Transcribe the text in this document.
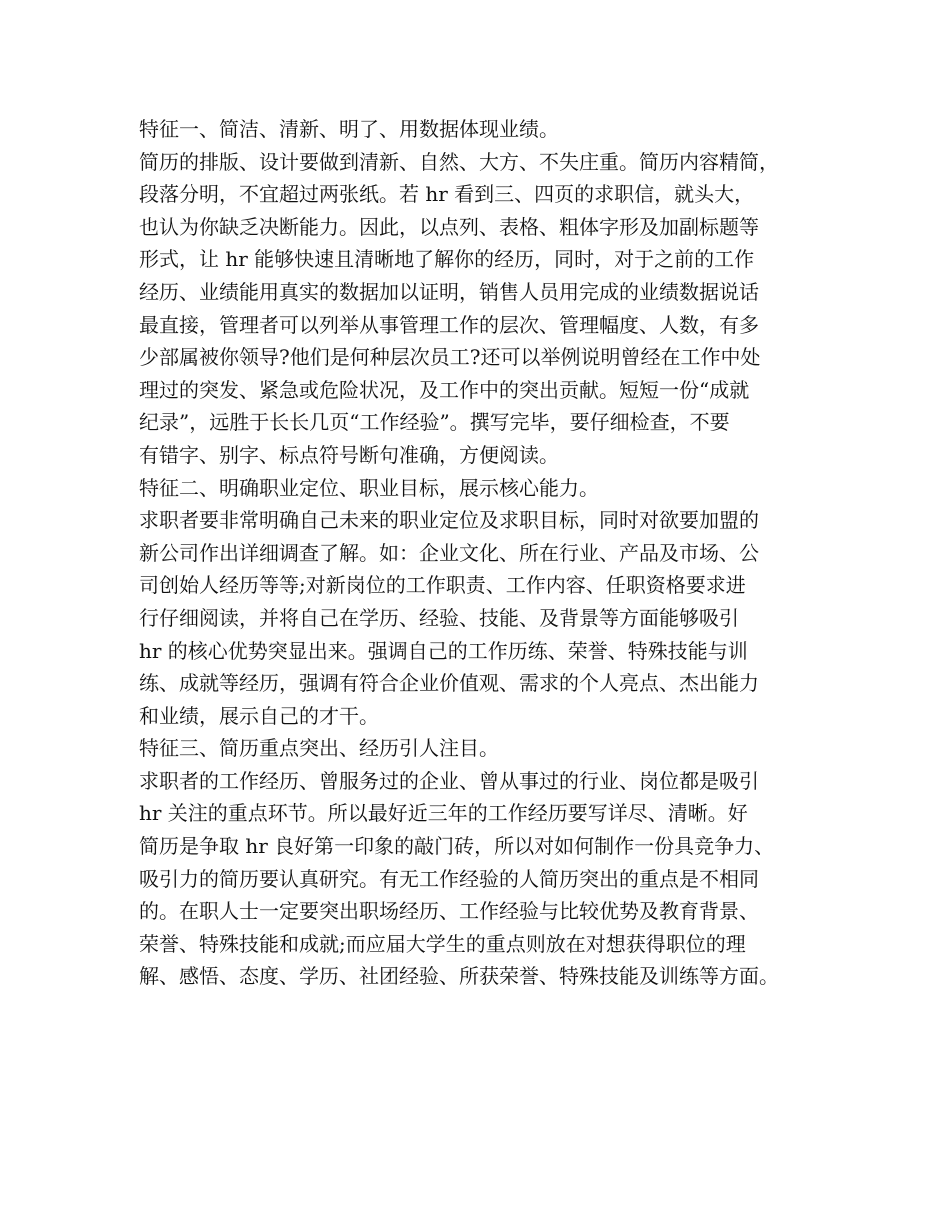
特征一、简洁、清新、明了、用数据体现业绩。
简历的排版、设计要做到清新、自然、大方、不失庄重。简历内容精简，
段落分明，不宜超过两张纸。若 hr 看到三、四页的求职信，就头大，
也认为你缺乏决断能力。因此，以点列、表格、粗体字形及加副标题等
形式，让 hr 能够快速且清晰地了解你的经历，同时，对于之前的工作
经历、业绩能用真实的数据加以证明，销售人员用完成的业绩数据说话
最直接，管理者可以列举从事管理工作的层次、管理幅度、人数，有多
少部属被你领导?他们是何种层次员工?还可以举例说明曾经在工作中处
理过的突发、紧急或危险状况，及工作中的突出贡献。短短一份“成就
纪录”，远胜于长长几页“工作经验”。撰写完毕，要仔细检查，不要
有错字、别字、标点符号断句准确，方便阅读。
特征二、明确职业定位、职业目标，展示核心能力。
求职者要非常明确自己未来的职业定位及求职目标，同时对欲要加盟的
新公司作出详细调查了解。如：企业文化、所在行业、产品及市场、公
司创始人经历等等;对新岗位的工作职责、工作内容、任职资格要求进
行仔细阅读，并将自己在学历、经验、技能、及背景等方面能够吸引
hr 的核心优势突显出来。强调自己的工作历练、荣誉、特殊技能与训
练、成就等经历，强调有符合企业价值观、需求的个人亮点、杰出能力
和业绩，展示自己的才干。
特征三、简历重点突出、经历引人注目。
求职者的工作经历、曾服务过的企业、曾从事过的行业、岗位都是吸引
hr 关注的重点环节。所以最好近三年的工作经历要写详尽、清晰。好
简历是争取 hr 良好第一印象的敲门砖，所以对如何制作一份具竞争力、
吸引力的简历要认真研究。有无工作经验的人简历突出的重点是不相同
的。在职人士一定要突出职场经历、工作经验与比较优势及教育背景、
荣誉、特殊技能和成就;而应届大学生的重点则放在对想获得职位的理
解、感悟、态度、学历、社团经验、所获荣誉、特殊技能及训练等方面。
